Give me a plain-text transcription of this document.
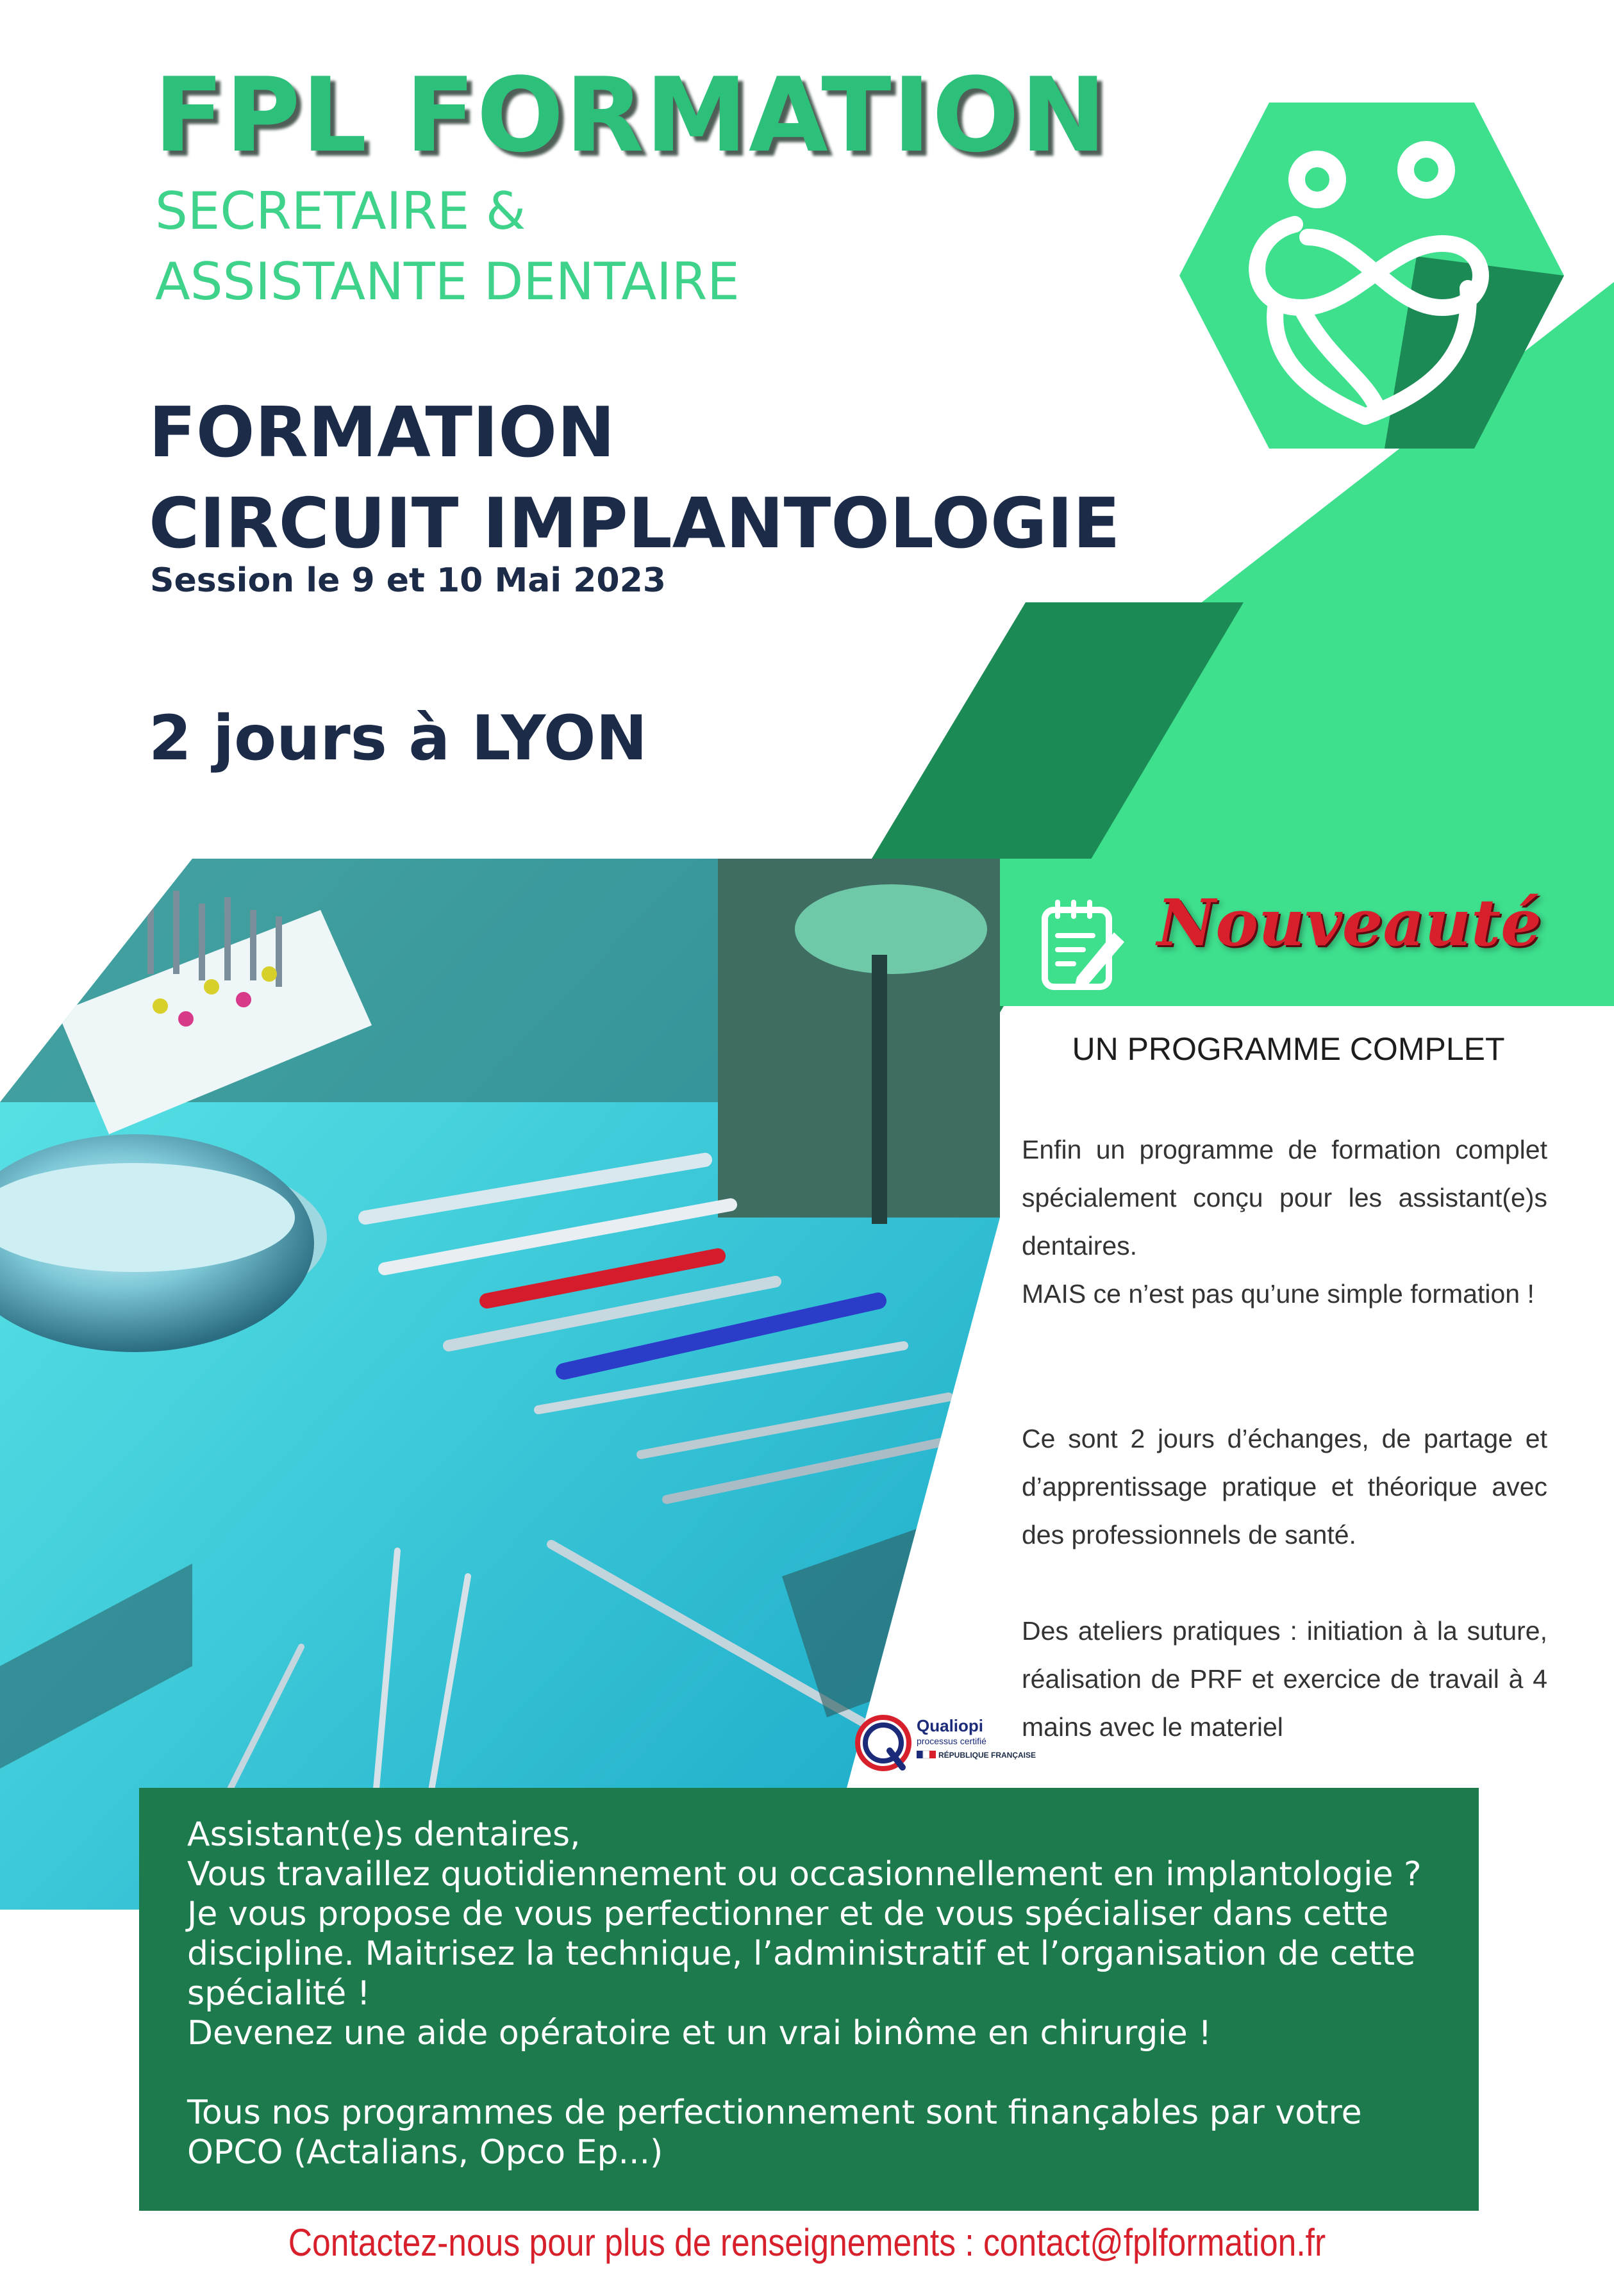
FPL FORMATION
SECRETAIRE &
ASSISTANTE DENTAIRE
FORMATION
CIRCUIT IMPLANTOLOGIE
Session le 9 et 10 Mai 2023
2 jours à LYON
Nouveauté
UN PROGRAMME COMPLET

Enfin un programme de formation complet spécialement conçu pour les assistant(e)s dentaires.

MAIS ce n’est pas qu’une simple formation !

Ce sont 2 jours d’échanges, de partage et d’apprentissage pratique et théorique avec des professionnels de santé.
Des ateliers pratiques : initiation à la suture, réalisation de PRF et exercice de travail à 4 mains avec le materiel
Qualiopi
processus certifié
RÉPUBLIQUE FRANÇAISE

Assistant(e)s dentaires,

Vous travaillez quotidiennement ou occasionnellement en implantologie ?

Je vous propose de vous perfectionner et de vous spécialiser dans cette

discipline. Maitrisez la technique, l’administratif et l’organisation de cette

spécialité !

Devenez une aide opératoire et un vrai binôme en chirurgie !

Tous nos programmes de perfectionnement sont finançables par votre

OPCO (Actalians, Opco Ep...)

Contactez-nous pour plus de renseignements : contact@fplformation.fr
